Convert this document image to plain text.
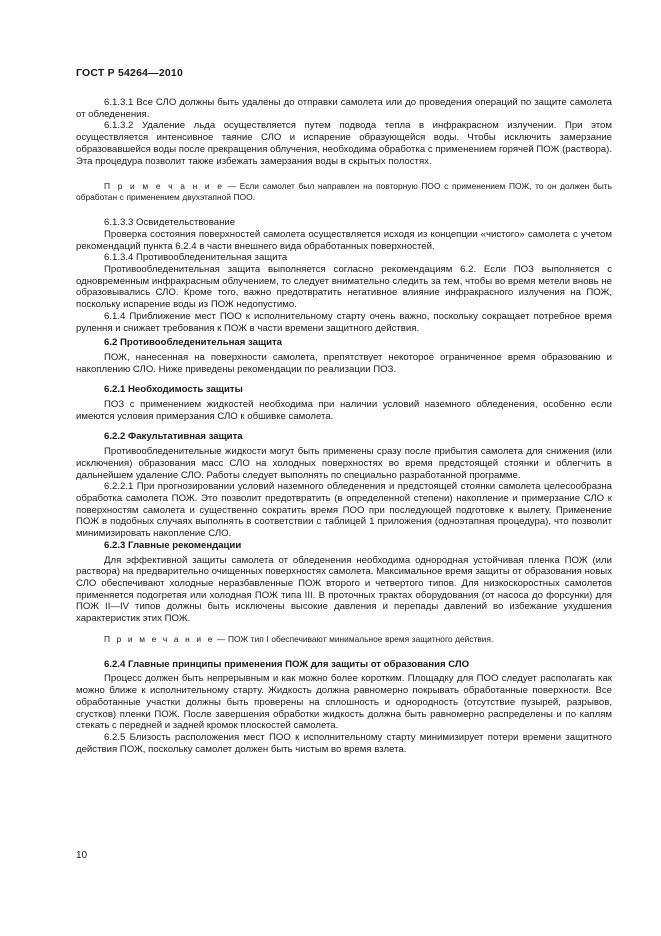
ГОСТ Р 54264—2010

6.1.3.1 Все СЛО должны быть удалены до отправки самолета или до проведения операций по защите самолета от обледенения.

6.1.3.2 Удаление льда осуществляется путем подвода тепла в инфракрасном излучении. При этом осуществляется интенсивное таяние СЛО и испарение образующейся воды. Чтобы исключить замерзание образовавшейся воды после прекращения облучения, необходима обработка с применением горячей ПОЖ (раствора). Эта процедура позволит также избежать замерзания воды в скрытых полостях.

П р и м е ч а н и е — Если самолет был направлен на повторную ПОО с применением ПОЖ, то он должен быть обработан с применением двухэтапной ПОО.

6.1.3.3 Освидетельствование

Проверка состояния поверхностей самолета осуществляется исходя из концепции «чистого» самолета с учетом рекомендаций пункта 6.2.4 в части внешнего вида обработанных поверхностей.

6.1.3.4 Противообледенительная защита

Противообледенительная защита выполняется согласно рекомендациям 6.2. Если ПОЗ выполняется с одновременным инфракрасным облучением, то следует внимательно следить за тем, чтобы во время метели вновь не образовывались СЛО. Кроме того, важно предотвратить негативное влияние инфракрасного излучения на ПОЖ, поскольку испарение воды из ПОЖ недопустимо.

6.1.4 Приближение мест ПОО к исполнительному старту очень важно, поскольку сокращает потребное время рулення и снижает требования к ПОЖ в части времени защитного действия.

6.2 Противообледенительная защита

ПОЖ, нанесенная на поверхности самолета, препятствует некоторое ограниченное время образованию и накоплению СЛО. Ниже приведены рекомендации по реализации ПОЗ.

6.2.1 Необходимость защиты

ПОЗ с применением жидкостей необходима при наличии условий наземного обледенения, особенно если имеются условия примерзания СЛО к обшивке самолета.

6.2.2 Факультативная защита

Противообледенительные жидкости могут быть применены сразу после прибытия самолета для снижения (или исключения) образования масс СЛО на холодных поверхностях во время предстоящей стоянки и облегчить в дальнейшем удаление СЛО. Работы следует выполнять по специально разработанной программе.

6.2.2.1 При прогнозировании условий наземного обледенения и предстоящей стоянки самолета целесообразна обработка самолета ПОЖ. Это позволит предотвратить (в определенной степени) накопление и примерзание СЛО к поверхностям самолета и существенно сократить время ПОО при последующей подготовке к вылету. Применение ПОЖ в подобных случаях выполнять в соответствии с таблицей 1 приложения (одноэтапная процедура), что позволит минимизировать накопление СЛО.

6.2.3 Главные рекомендации

Для эффективной защиты самолета от обледенения необходима однородная устойчивая пленка ПОЖ (или раствора) на предварительно очищенных поверхностях самолета. Максимальное время защиты от образования новых СЛО обеспечивают холодные неразбавленные ПОЖ второго и четвертого типов. Для низкоскоростных самолетов применяется подогретая или холодная ПОЖ типа III. В проточных трактах оборудования (от насоса до форсунки) для ПОЖ II—IV типов должны быть исключены высокие давления и перепады давлений во избежание ухудшения характеристик этих ПОЖ.

П р и м е ч а н и е — ПОЖ тип I обеспечивают минимальное время защитного действия.

6.2.4 Главные принципы применения ПОЖ для защиты от образования СЛО

Процесс должен быть непрерывным и как можно более коротким. Площадку для ПОО следует располагать как можно ближе к исполнительному старту. Жидкость должна равномерно покрывать обработанные поверхности. Все обработанные участки должны быть проверены на сплошность и однородность (отсутствие пузырей, разрывов, сгустков) пленки ПОЖ. После завершения обработки жидкость должна быть равномерно распределены и по каплям стекать с передней и задней кромок плоскостей самолета.

6.2.5 Близость расположения мест ПОО к исполнительному старту минимизирует потери времени защитного действия ПОЖ, поскольку самолет должен быть чистым во время взлета.

10
